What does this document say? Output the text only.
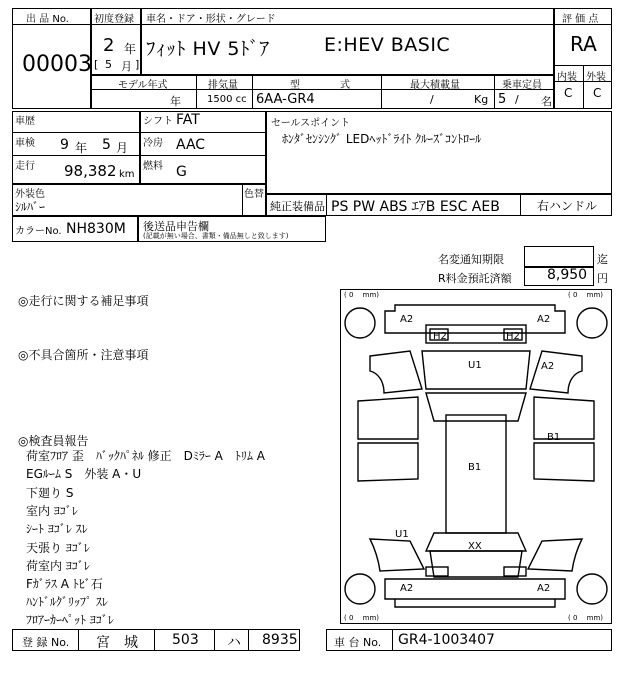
出 品 No.
00003
初度登録
2 年
[ 5 月 ]
車名・ドア・形状・グレード
ﾌｨｯﾄ HV 5ﾄﾞｱ	E:HEV BASIC
評 価 点
RA
内装 外装
C C
モデル年式	排気量	型　　　　式	最大積載量	乗車定員
年	1500 cc 6AA-GR4	/	Kg 5 / 名
車歴
車検 9 年 5 月
走行 98,382 km
シフト FAT
冷房 AAC
燃料 G
セールスポイント
ﾎﾝﾀﾞｾﾝｼﾝｸﾞ LEDﾍｯﾄﾞﾗｲﾄ ｸﾙｰｽﾞｺﾝﾄﾛｰﾙ
外装色
ｼﾙﾊﾞｰ
色替
純正装備品 PS PW ABS ｴｱB ESC AEB	右ハンドル
カラーNo. NH830M 後送品申告欄
(記載が無い場合、書類・備品無しと致します)
名変通知期限	迄
R料金預託済額	8,950 円
◎走行に関する補足事項
◎不具合箇所・注意事項
◎検査員報告
荷室ﾌﾛｱ 歪　ﾊﾞｯｸﾊﾟﾈﾙ 修正　Dﾐﾗｰ A　ﾄﾘﾑ A
EGﾙｰﾑ S　外装 A・U
下廻り S
室内 ﾖｺﾞﾚ
ｼｰﾄ ﾖｺﾞﾚ ｽﾚ
天張り ﾖｺﾞﾚ
荷室内 ﾖｺﾞﾚ
Fｶﾞﾗｽ A ﾄﾋﾞ石
ﾊﾝﾄﾞﾙｸﾞﾘｯﾌﾟ ｽﾚ
ﾌﾛｱｰｶｰﾍﾟｯﾄ ﾖｺﾞﾚ
( 0　 mm)	( 0　 mm)
( 0　 mm)	( 0　 mm)
A2	A2
H2	H2
U1	A2
B1
B1
U1
XX
A2	A2
登 録 No. 宮　城 503 ハ 8935	車 台 No. GR4-1003407
